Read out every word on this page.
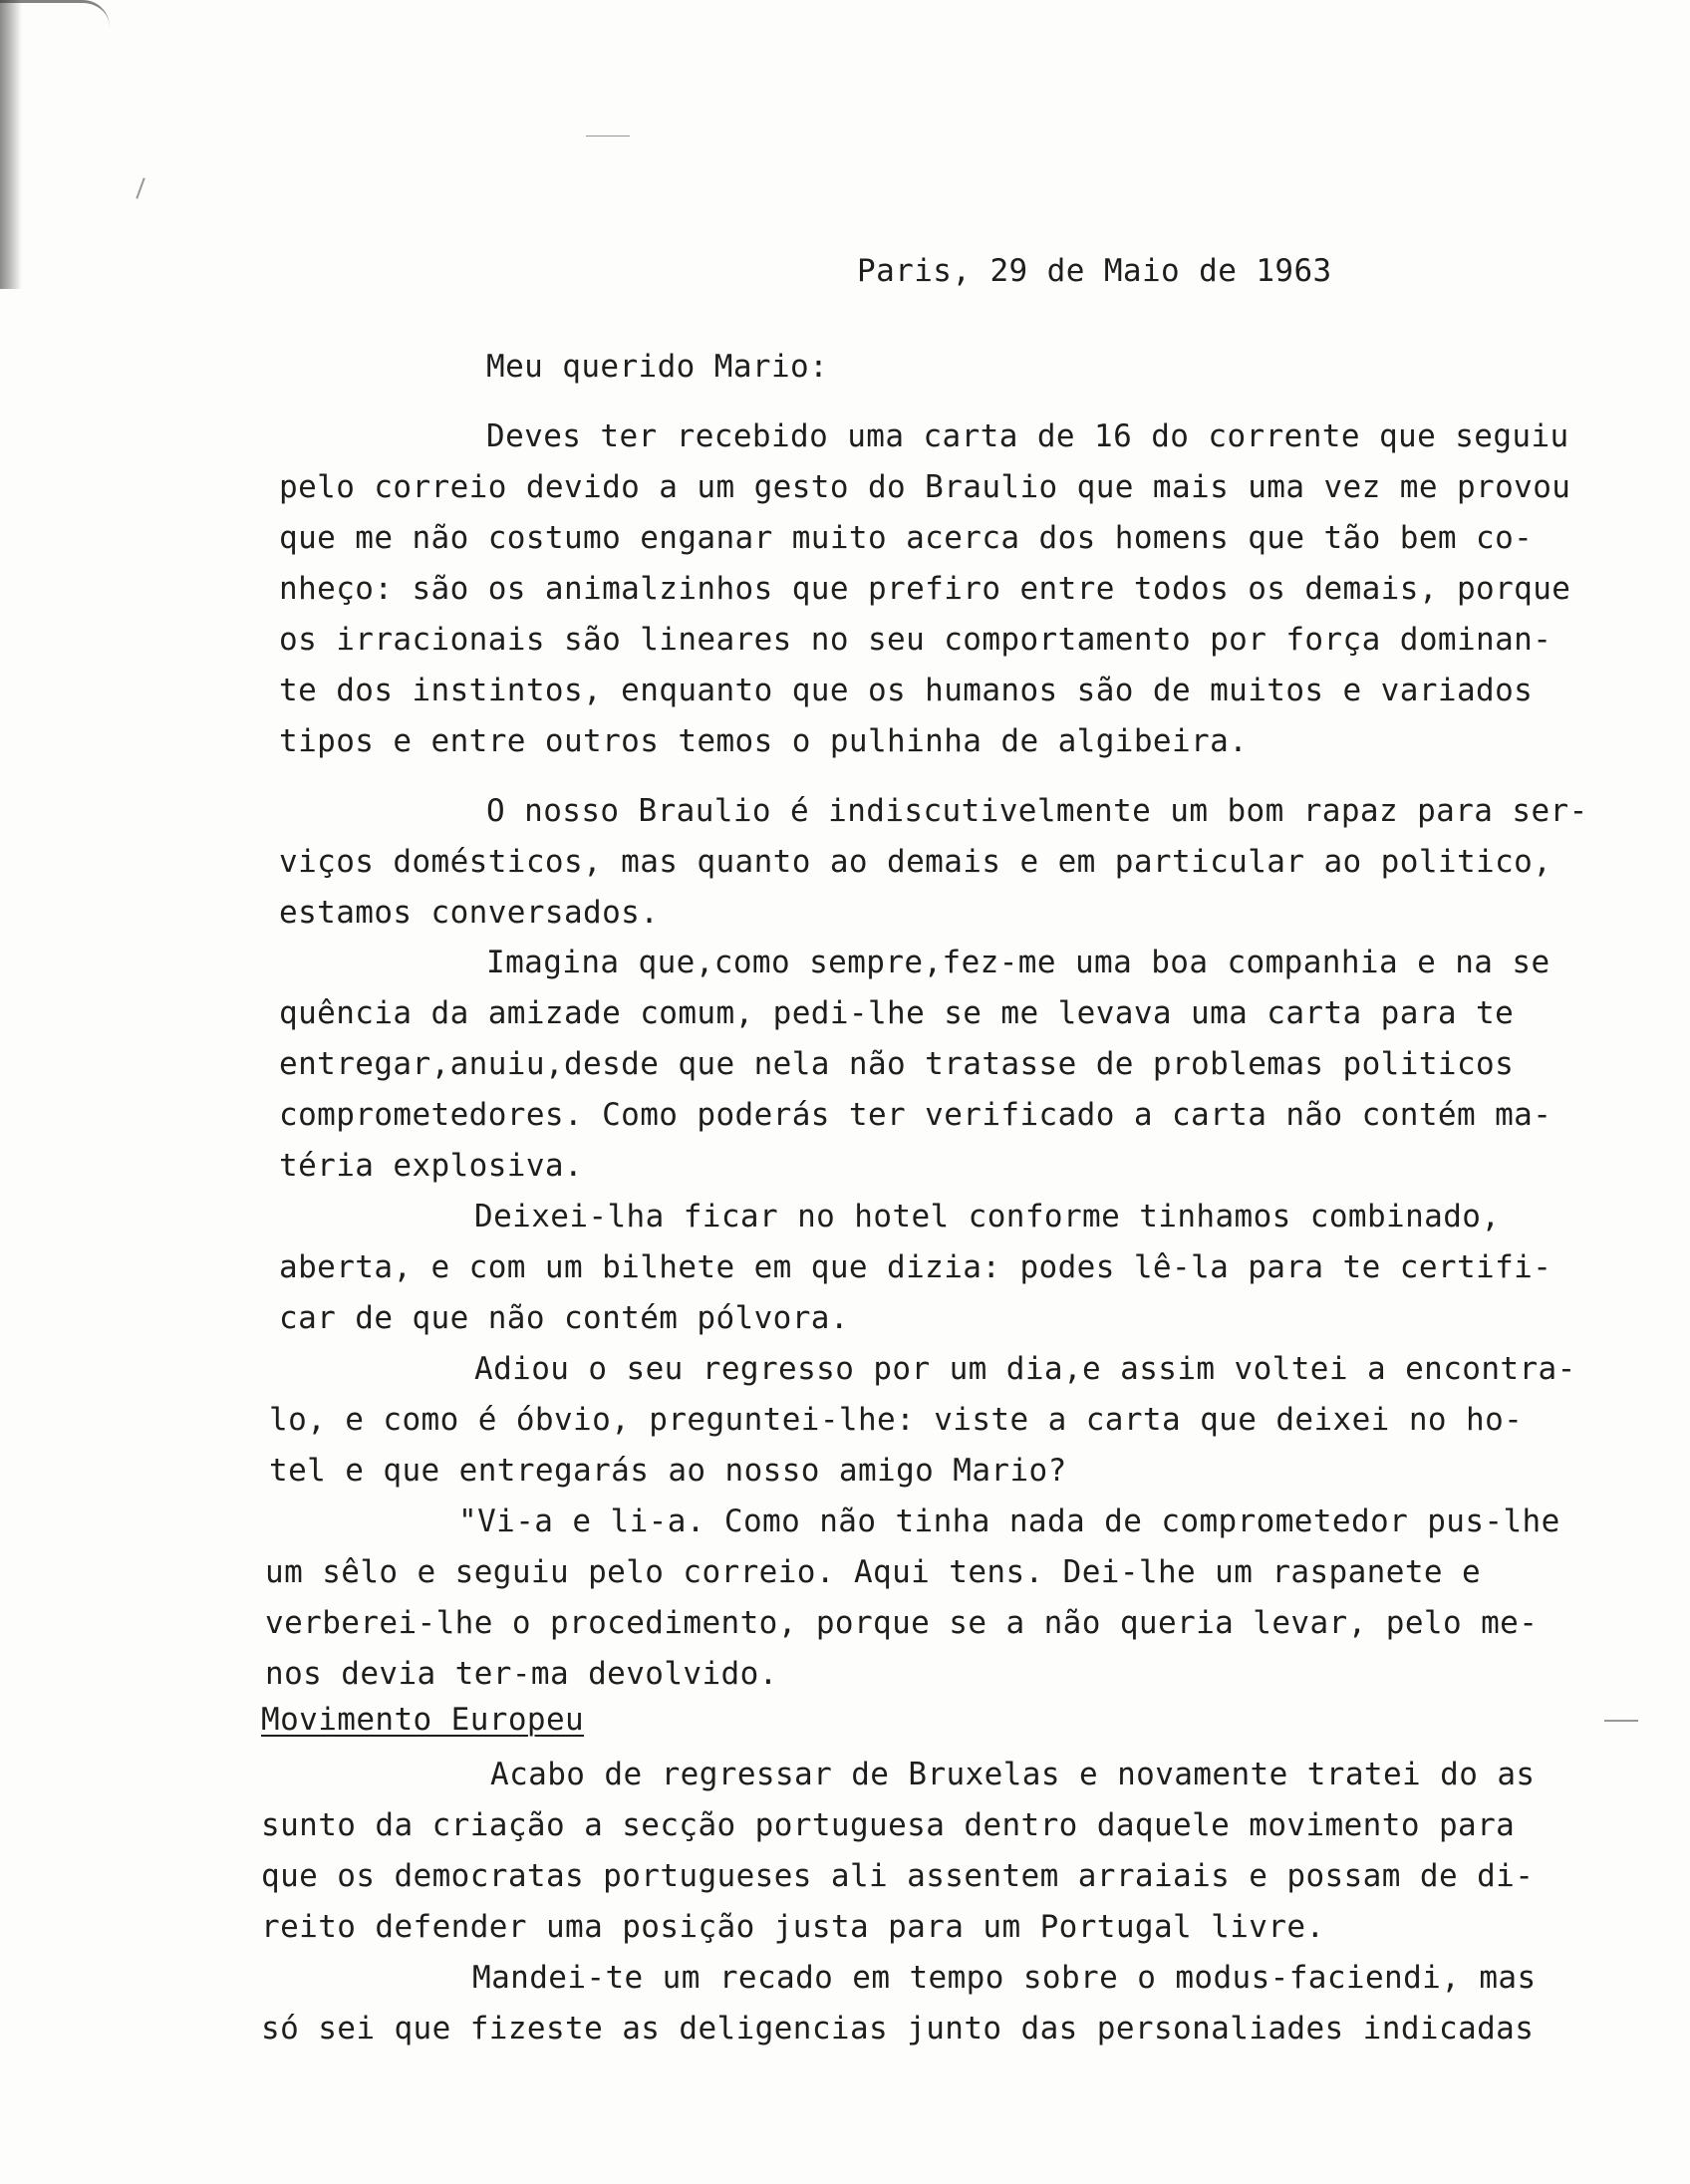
Paris, 29 de Maio de 1963
Meu querido Mario:
Deves ter recebido uma carta de 16 do corrente que seguiu
pelo correio devido a um gesto do Braulio que mais uma vez me provou
que me não costumo enganar muito acerca dos homens que tão bem co-
nheço: são os animalzinhos que prefiro entre todos os demais, porque
os irracionais são lineares no seu comportamento por força dominan-
te dos instintos, enquanto que os humanos são de muitos e variados
tipos e entre outros temos o pulhinha de algibeira.
O nosso Braulio é indiscutivelmente um bom rapaz para ser-
viços domésticos, mas quanto ao demais e em particular ao politico,
estamos conversados.
Imagina que,como sempre,fez-me uma boa companhia e na se
quência da amizade comum, pedi-lhe se me levava uma carta para te
entregar,anuiu,desde que nela não tratasse de problemas politicos
comprometedores. Como poderás ter verificado a carta não contém ma-
téria explosiva.
Deixei-lha ficar no hotel conforme tinhamos combinado,
aberta, e com um bilhete em que dizia: podes lê-la para te certifi-
car de que não contém pólvora.
Adiou o seu regresso por um dia,e assim voltei a encontra-
lo, e como é óbvio, preguntei-lhe: viste a carta que deixei no ho-
tel e que entregarás ao nosso amigo Mario?
"Vi-a e li-a. Como não tinha nada de comprometedor pus-lhe
um sêlo e seguiu pelo correio. Aqui tens. Dei-lhe um raspanete e
verberei-lhe o procedimento, porque se a não queria levar, pelo me-
nos devia ter-ma devolvido.
Movimento Europeu
Acabo de regressar de Bruxelas e novamente tratei do as
sunto da criação a secção portuguesa dentro daquele movimento para
que os democratas portugueses ali assentem arraiais e possam de di-
reito defender uma posição justa para um Portugal livre.
Mandei-te um recado em tempo sobre o modus-faciendi, mas
só sei que fizeste as deligencias junto das personaliades indicadas
